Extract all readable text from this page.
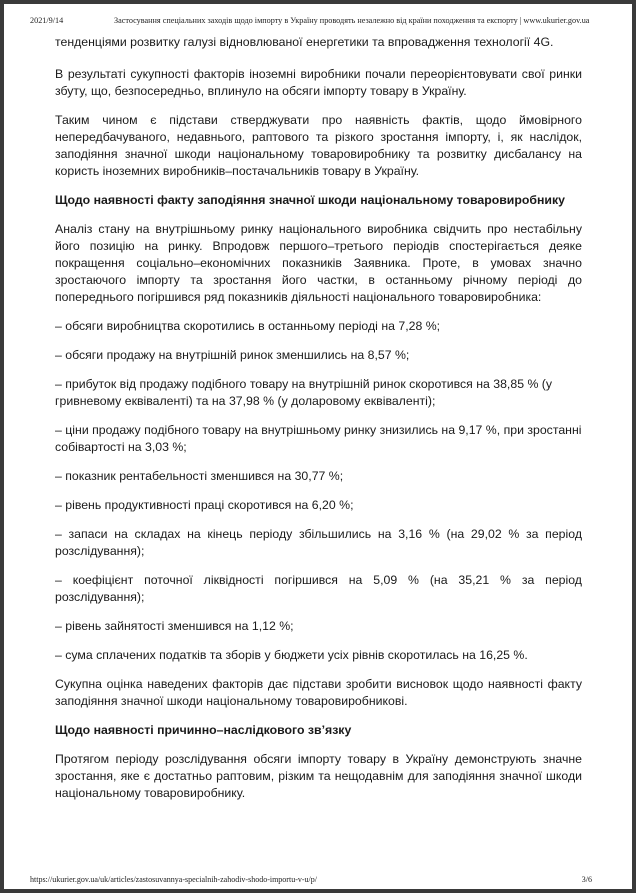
2021/9/14	Застосування спеціальних заходів щодо імпорту в Україну проводять незалежно від країни походження та експорту | www.ukurier.gov.ua

тенденціями розвитку галузі відновлюваної енергетики та впровадження технології 4G.

В результаті сукупності факторів іноземні виробники почали переорієнтовувати свої ринки збуту, що, безпосередньо, вплинуло на обсяги імпорту товару в Україну.

Таким чином є підстави стверджувати про наявність фактів, щодо ймовірного непередбачуваного, недавнього, раптового та різкого зростання імпорту, і, як наслідок, заподіяння значної шкоди національному товаровиробнику та розвитку дисбалансу на користь іноземних виробників–постачальників товару в Україну.

Щодо наявності факту заподіяння значної шкоди національному товаровиробнику

Аналіз стану на внутрішньому ринку національного виробника свідчить про нестабільну його позицію на ринку. Впродовж першого–третього періодів спостерігається деяке покращення соціально–економічних показників Заявника. Проте, в умовах значно зростаючого імпорту та зростання його частки, в останньому річному періоді до попереднього погіршився ряд показників діяльності національного товаровиробника:

– обсяги виробництва скоротились в останньому періоді на 7,28 %;

– обсяги продажу на внутрішній ринок зменшились на 8,57 %;

– прибуток від продажу подібного товару на внутрішній ринок скоротився на 38,85 % (у гривневому еквіваленті) та на 37,98 % (у доларовому еквіваленті);

– ціни продажу подібного товару на внутрішньому ринку знизились на 9,17 %, при зростанні собівартості на 3,03 %;

– показник рентабельності зменшився на 30,77 %;

– рівень продуктивності праці скоротився на 6,20 %;

– запаси на складах на кінець періоду збільшились на 3,16 % (на 29,02 % за період розслідування);

– коефіцієнт поточної ліквідності погіршився на 5,09 % (на 35,21 % за період розслідування);

– рівень зайнятості зменшився на 1,12 %;

– сума сплачених податків та зборів у бюджети усіх рівнів скоротилась на 16,25 %.

Сукупна оцінка наведених факторів дає підстави зробити висновок щодо наявності факту заподіяння значної шкоди національному товаровиробникові.

Щодо наявності причинно–наслідкового зв’язку

Протягом періоду розслідування обсяги імпорту товару в Україну демонструють значне зростання, яке є достатньо раптовим, різким та нещодавнім для заподіяння значної шкоди національному товаровиробнику.

https://ukurier.gov.ua/uk/articles/zastosuvannya-specialnih-zahodiv-shodo-importu-v-u/p/	3/6
